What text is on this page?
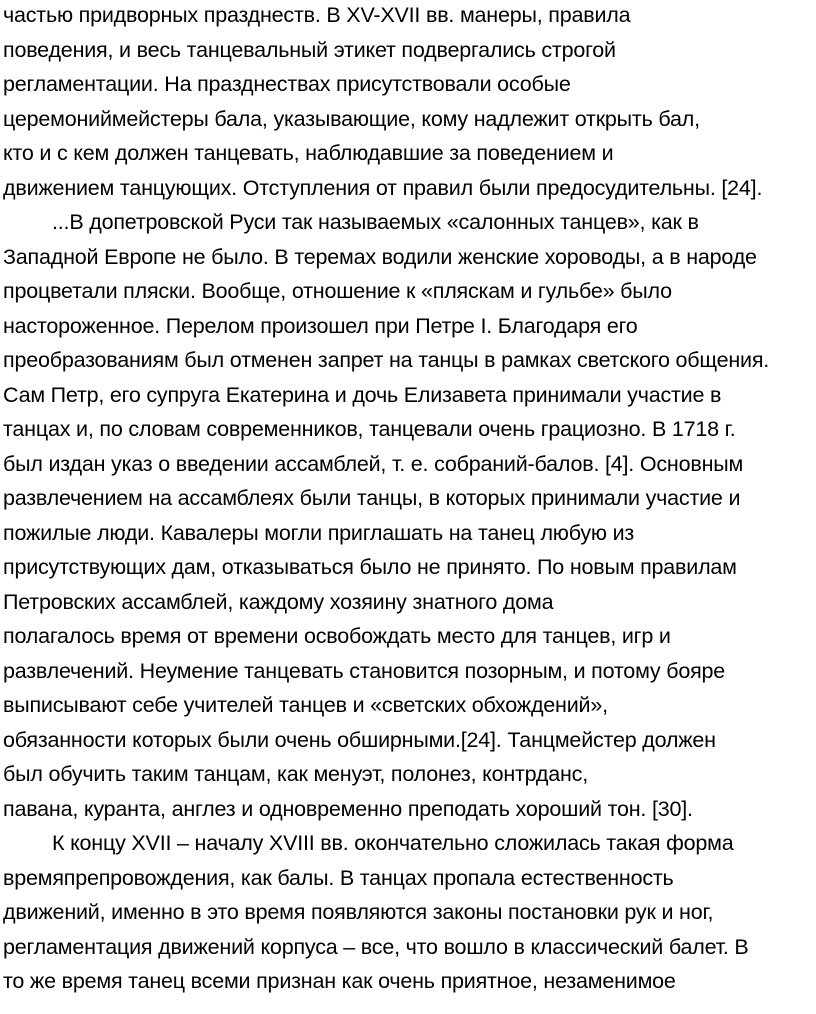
частью придворных празднеств. В XV-XVII вв. манеры, правила
поведения, и весь танцевальный этикет подвергались строгой
регламентации. На празднествах присутствовали особые
церемониймейстеры бала, указывающие, кому надлежит открыть бал,
кто и с кем должен танцевать, наблюдавшие за поведением и
движением танцующих. Отступления от правил были предосудительны. [24].
...В допетровской Руси так называемых «салонных танцев», как в
Западной Европе не было. В теремах водили женские хороводы, а в народе
процветали пляски. Вообще, отношение к «пляскам и гульбе» было
настороженное. Перелом произошел при Петре I. Благодаря его
преобразованиям был отменен запрет на танцы в рамках светского общения.
Сам Петр, его супруга Екатерина и дочь Елизавета принимали участие в
танцах и, по словам современников, танцевали очень грациозно. В 1718 г.
был издан указ о введении ассамблей, т. е. собраний-балов. [4]. Основным
развлечением на ассамблеях были танцы, в которых принимали участие и
пожилые люди. Кавалеры могли приглашать на танец любую из
присутствующих дам, отказываться было не принято. По новым правилам
Петровских ассамблей, каждому хозяину знатного дома
полагалось время от времени освобождать место для танцев, игр и
развлечений. Неумение танцевать становится позорным, и потому бояре
выписывают себе учителей танцев и «светских обхождений»,
обязанности которых были очень обширными.[24]. Танцмейстер должен
был обучить таким танцам, как менуэт, полонез, контрданс,
павана, куранта, англез и одновременно преподать хороший тон. [30].
К концу XVII – началу XVIII вв. окончательно сложилась такая форма
времяпрепровождения, как балы. В танцах пропала естественность
движений, именно в это время появляются законы постановки рук и ног,
регламентация движений корпуса – все, что вошло в классический балет. В
то же время танец всеми признан как очень приятное, незаменимое
